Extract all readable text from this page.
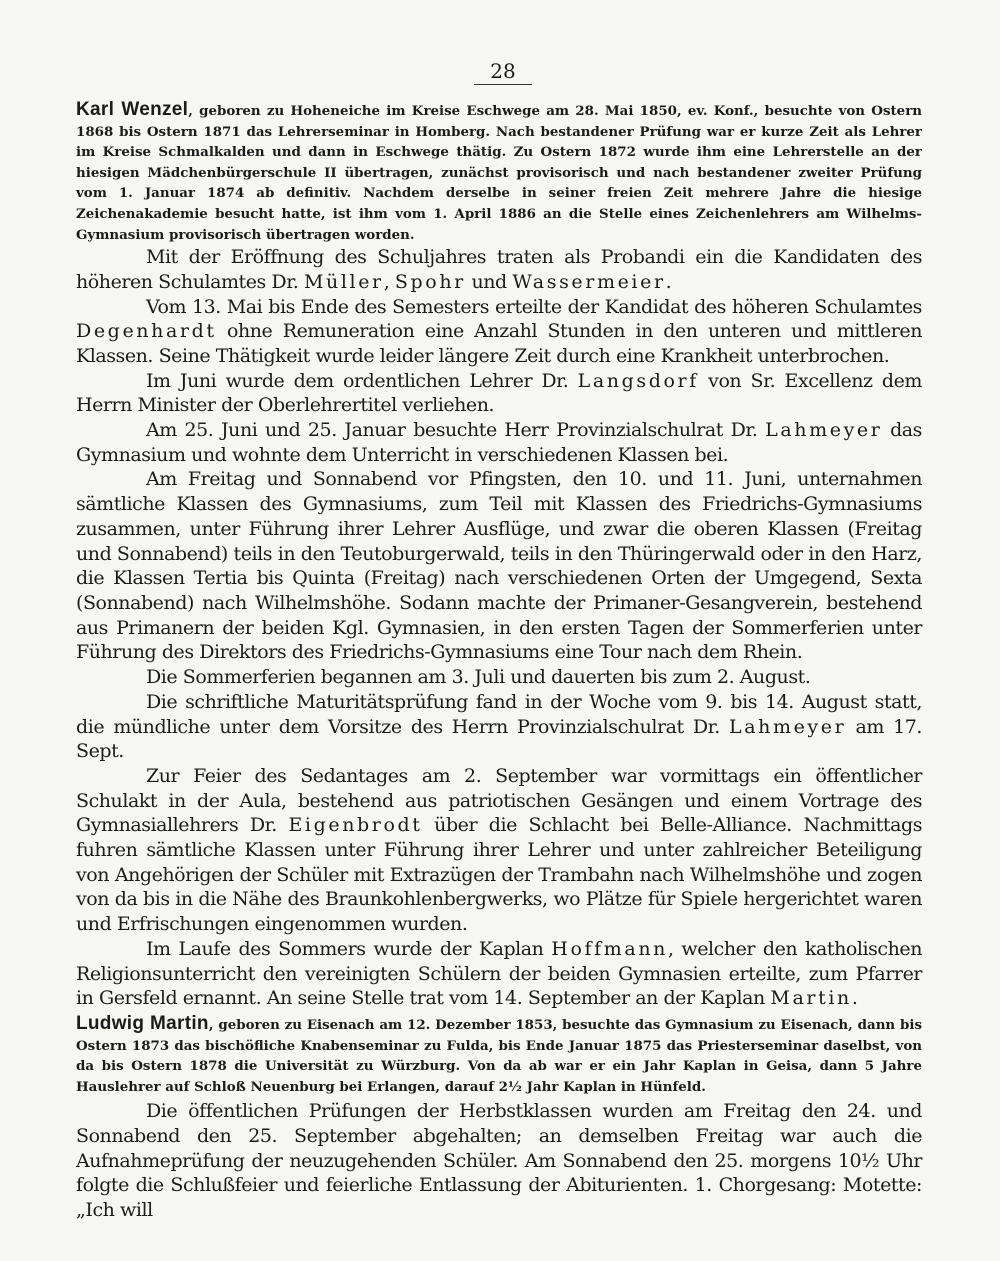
28

Karl Wenzel, geboren zu Hoheneiche im Kreise Eschwege am 28. Mai 1850, ev. Konf., besuchte von Ostern 1868 bis Ostern 1871 das Lehrerseminar in Homberg. Nach bestandener Prüfung war er kurze Zeit als Lehrer im Kreise Schmalkalden und dann in Eschwege thätig. Zu Ostern 1872 wurde ihm eine Lehrerstelle an der hiesigen Mädchenbürgerschule II übertragen, zunächst provisorisch und nach bestandener zweiter Prüfung vom 1. Januar 1874 ab definitiv. Nachdem derselbe in seiner freien Zeit mehrere Jahre die hiesige Zeichenakademie besucht hatte, ist ihm vom 1. April 1886 an die Stelle eines Zeichenlehrers am Wilhelms-Gymnasium provisorisch übertragen worden.

Mit der Eröffnung des Schuljahres traten als Probandi ein die Kandidaten des höheren Schulamtes Dr. Müller, Spohr und Wassermeier.

Vom 13. Mai bis Ende des Semesters erteilte der Kandidat des höheren Schulamtes Degenhardt ohne Remuneration eine Anzahl Stunden in den unteren und mittleren Klassen. Seine Thätigkeit wurde leider längere Zeit durch eine Krankheit unterbrochen.

Im Juni wurde dem ordentlichen Lehrer Dr. Langsdorf von Sr. Excellenz dem Herrn Minister der Oberlehrertitel verliehen.

Am 25. Juni und 25. Januar besuchte Herr Provinzialschulrat Dr. Lahmeyer das Gymnasium und wohnte dem Unterricht in verschiedenen Klassen bei.

Am Freitag und Sonnabend vor Pfingsten, den 10. und 11. Juni, unternahmen sämtliche Klassen des Gymnasiums, zum Teil mit Klassen des Friedrichs-Gymnasiums zusammen, unter Führung ihrer Lehrer Ausflüge, und zwar die oberen Klassen (Freitag und Sonnabend) teils in den Teutoburgerwald, teils in den Thüringerwald oder in den Harz, die Klassen Tertia bis Quinta (Freitag) nach verschiedenen Orten der Umgegend, Sexta (Sonnabend) nach Wilhelmshöhe. Sodann machte der Primaner-Gesangverein, bestehend aus Primanern der beiden Kgl. Gymnasien, in den ersten Tagen der Sommerferien unter Führung des Direktors des Friedrichs-Gymnasiums eine Tour nach dem Rhein.

Die Sommerferien begannen am 3. Juli und dauerten bis zum 2. August.

Die schriftliche Maturitätsprüfung fand in der Woche vom 9. bis 14. August statt, die mündliche unter dem Vorsitze des Herrn Provinzialschulrat Dr. Lahmeyer am 17. Sept.

Zur Feier des Sedantages am 2. September war vormittags ein öffentlicher Schulakt in der Aula, bestehend aus patriotischen Gesängen und einem Vortrage des Gymnasiallehrers Dr. Eigenbrodt über die Schlacht bei Belle-Alliance. Nachmittags fuhren sämtliche Klassen unter Führung ihrer Lehrer und unter zahlreicher Beteiligung von Angehörigen der Schüler mit Extrazügen der Trambahn nach Wilhelmshöhe und zogen von da bis in die Nähe des Braunkohlenbergwerks, wo Plätze für Spiele hergerichtet waren und Erfrischungen eingenommen wurden.

Im Laufe des Sommers wurde der Kaplan Hoffmann, welcher den katholischen Religionsunterricht den vereinigten Schülern der beiden Gymnasien erteilte, zum Pfarrer in Gersfeld ernannt. An seine Stelle trat vom 14. September an der Kaplan Martin.

Ludwig Martin, geboren zu Eisenach am 12. Dezember 1853, besuchte das Gymnasium zu Eisenach, dann bis Ostern 1873 das bischöfliche Knabenseminar zu Fulda, bis Ende Januar 1875 das Priesterseminar daselbst, von da bis Ostern 1878 die Universität zu Würzburg. Von da ab war er ein Jahr Kaplan in Geisa, dann 5 Jahre Hauslehrer auf Schloß Neuenburg bei Erlangen, darauf 2½ Jahr Kaplan in Hünfeld.

Die öffentlichen Prüfungen der Herbstklassen wurden am Freitag den 24. und Sonnabend den 25. September abgehalten; an demselben Freitag war auch die Aufnahmeprüfung der neuzugehenden Schüler. Am Sonnabend den 25. morgens 10½ Uhr folgte die Schlußfeier und feierliche Entlassung der Abiturienten. 1. Chorgesang: Motette: „Ich will
